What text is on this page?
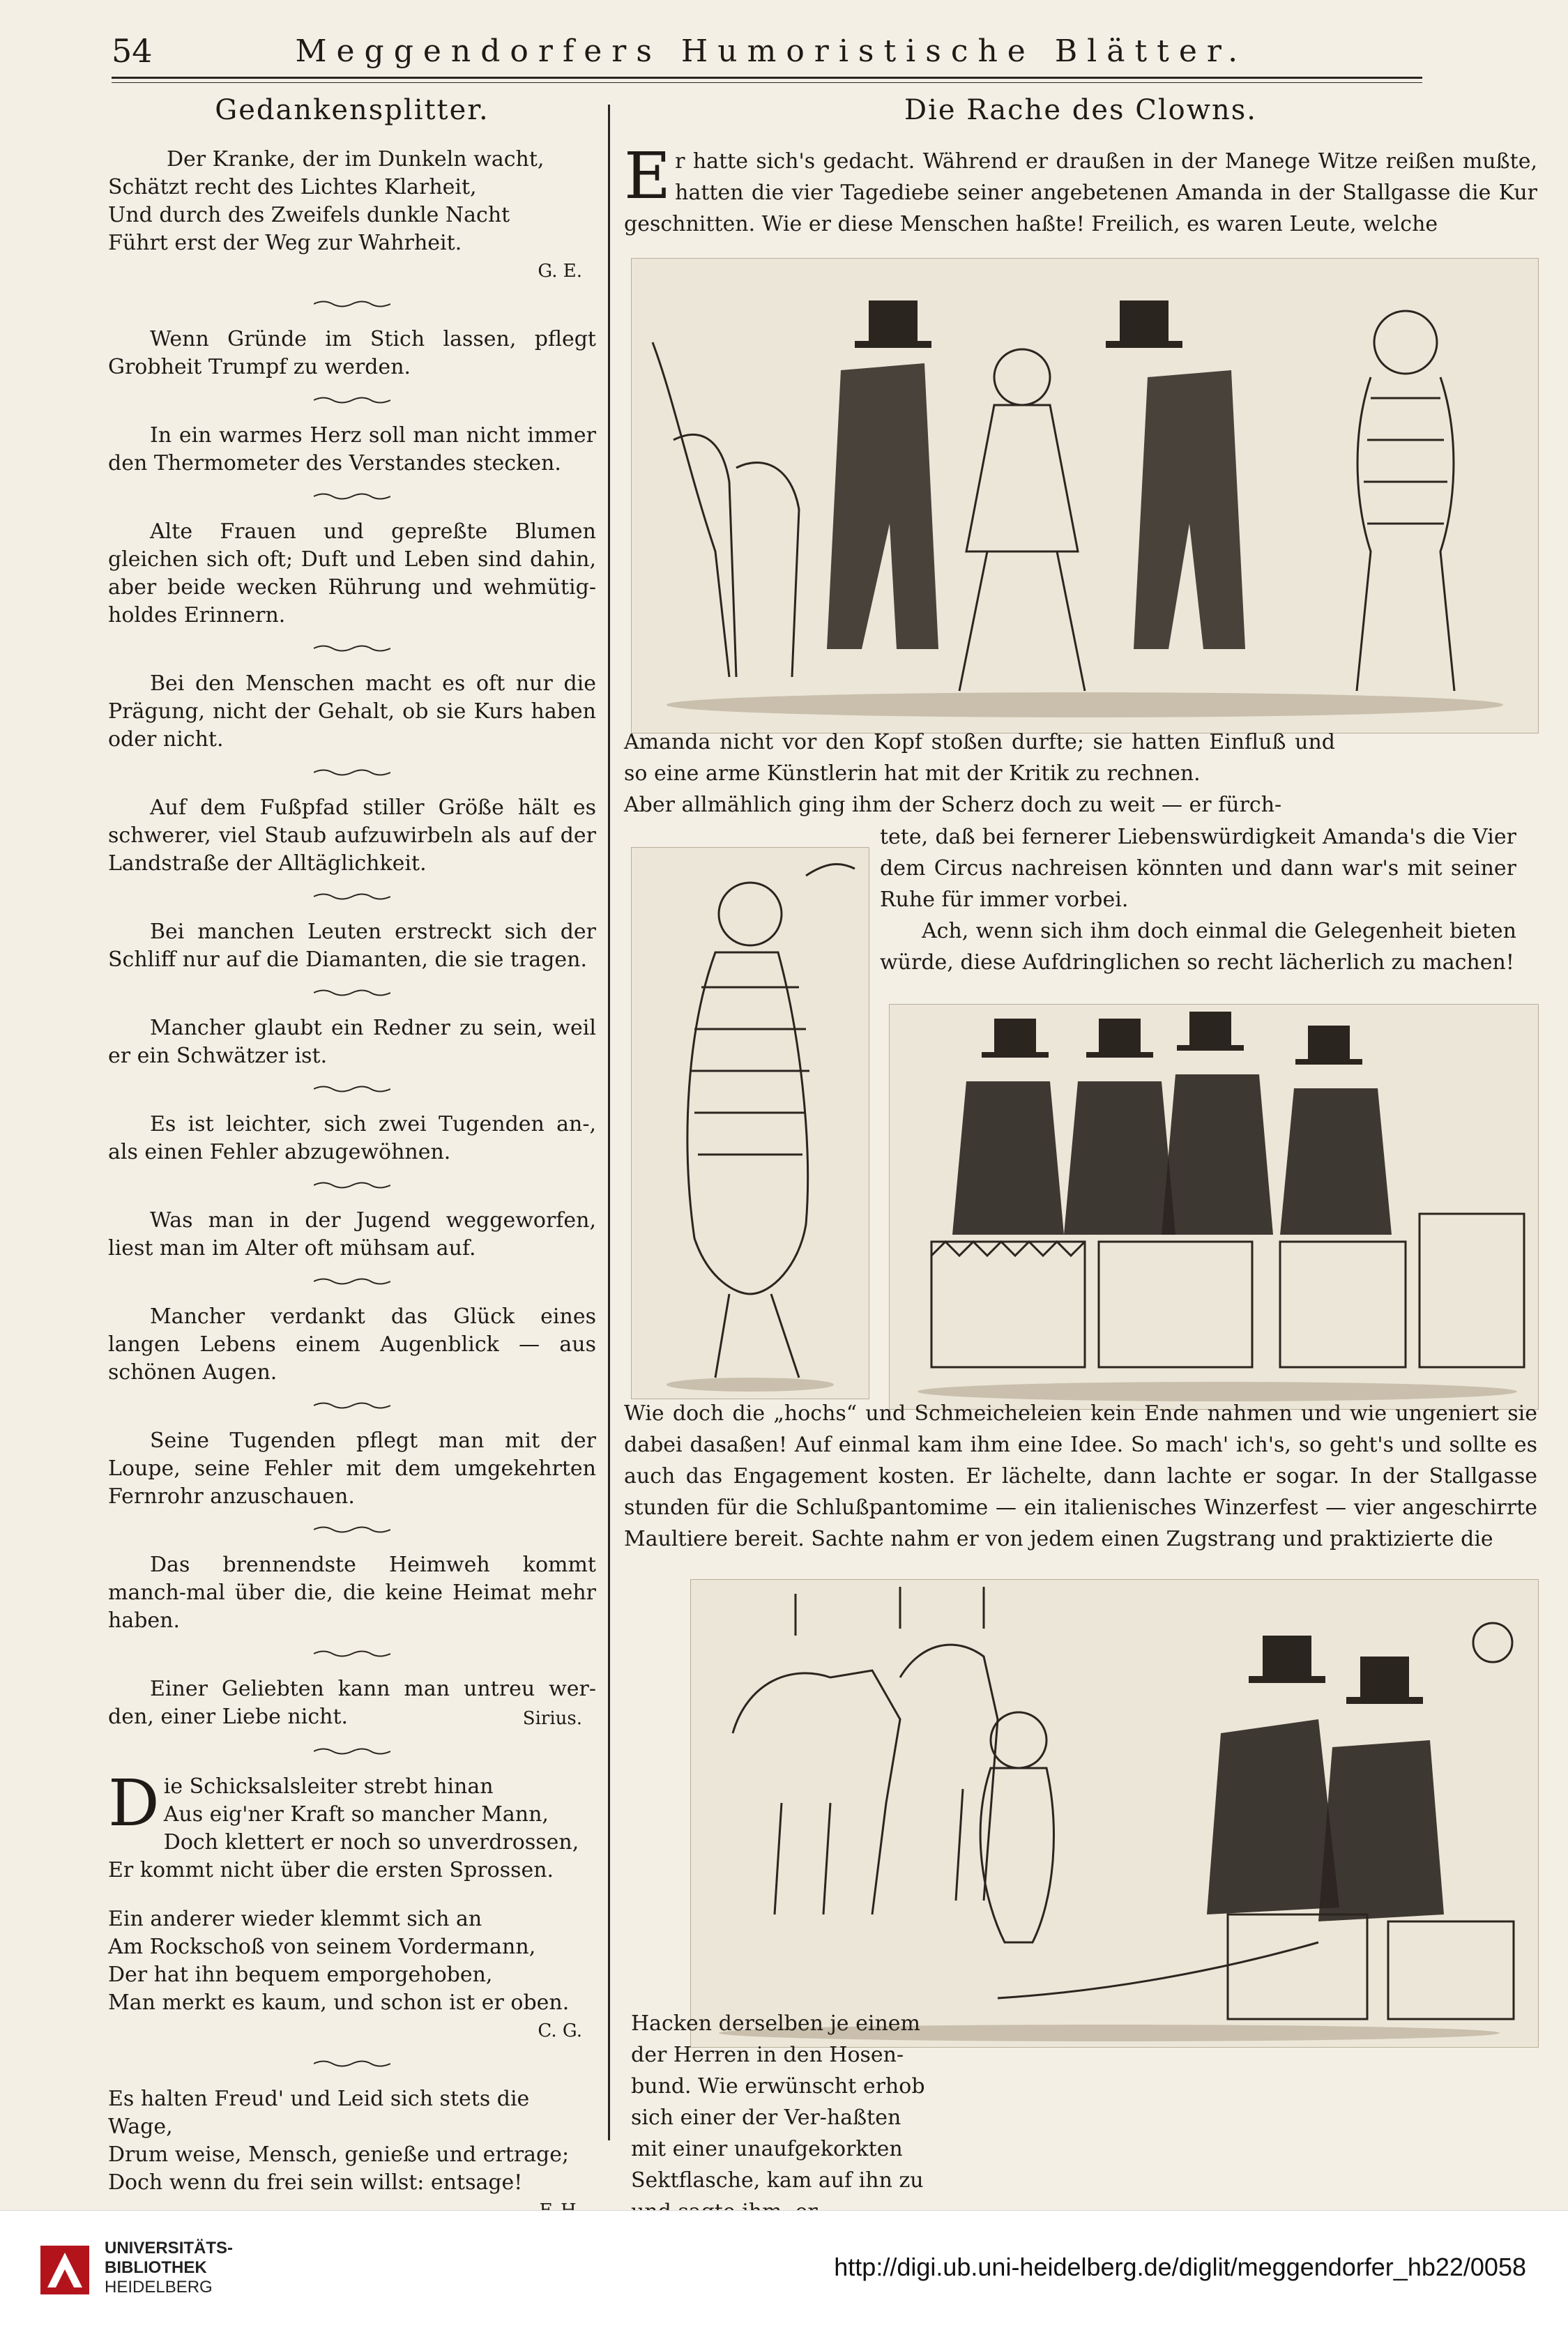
54	Meggendorfers Humoristische Blätter.
Gedankensplitter.

Der Kranke, der im Dunkeln wacht,

Schätzt recht des Lichtes Klarheit,

Und durch des Zweifels dunkle Nacht

Führt erst der Weg zur Wahrheit.

G. E.

Wenn Gründe im Stich lassen, pflegt Grobheit Trumpf zu werden.

In ein warmes Herz soll man nicht immer den Thermometer des Verstandes stecken.

Alte Frauen und gepreßte Blumen gleichen sich oft; Duft und Leben sind dahin, aber beide wecken Rührung und wehmütig-holdes Erinnern.

Bei den Menschen macht es oft nur die Prägung, nicht der Gehalt, ob sie Kurs haben oder nicht.

Auf dem Fußpfad stiller Größe hält es schwerer, viel Staub aufzuwirbeln als auf der Landstraße der Alltäglichkeit.

Bei manchen Leuten erstreckt sich der Schliff nur auf die Diamanten, die sie tragen.

Mancher glaubt ein Redner zu sein, weil er ein Schwätzer ist.

Es ist leichter, sich zwei Tugenden an-, als einen Fehler abzugewöhnen.

Was man in der Jugend weggeworfen, liest man im Alter oft mühsam auf.

Mancher verdankt das Glück eines langen Lebens einem Augenblick — aus schönen Augen.

Seine Tugenden pflegt man mit der Loupe, seine Fehler mit dem umgekehrten Fernrohr anzuschauen.

Das brennendste Heimweh kommt manch-mal über die, die keine Heimat mehr haben.

Einer Geliebten kann man untreu wer-den, einer Liebe nicht.	Sirius.
D ie Schicksalsleiter strebt hinan

Aus eig'ner Kraft so mancher Mann,

Doch klettert er noch so unverdrossen,

Er kommt nicht über die ersten Sprossen.

Ein anderer wieder klemmt sich an

Am Rockschoß von seinem Vordermann,

Der hat ihn bequem emporgehoben,

Man merkt es kaum, und schon ist er oben.

C. G.

Es halten Freud' und Leid sich stets die Wage,

Drum weise, Mensch, genieße und ertrage;

Doch wenn du frei sein willst: entsage!

Die Rache des Clowns.

Er hatte sich's gedacht. Während er draußen in der Manege Witze reißen mußte, hatten die vier Tagediebe seiner angebetenen Amanda in der Stallgasse die Kur geschnitten. Wie er diese Menschen haßte! Freilich, es waren Leute, welche

Amanda nicht vor den Kopf stoßen durfte; sie hatten Einfluß und so eine arme Künstlerin hat mit der Kritik zu rechnen.

Aber allmählich ging ihm der Scherz doch zu weit — er fürch-

tete, daß bei fernerer Liebenswürdigkeit Amanda's die Vier dem Circus nachreisen könnten und dann war's mit seiner Ruhe für immer vorbei.

Ach, wenn sich ihm doch einmal die Gelegenheit bieten würde, diese Aufdringlichen so recht lächerlich zu machen!

Wie doch die „hochs“ und Schmeicheleien kein Ende nahmen und wie ungeniert sie dabei dasaßen! Auf einmal kam ihm eine Idee. So mach' ich's, so geht's und sollte es auch das Engagement kosten. Er lächelte, dann lachte er sogar. In der Stallgasse stunden für die Schlußpantomime — ein italienisches Winzerfest — vier angeschirrte Maultiere bereit. Sachte nahm er von jedem einen Zugstrang und praktizierte die

Hacken derselben je einem der Herren in den Hosen-bund. Wie erwünscht erhob sich einer der Ver-haßten mit einer unaufgekorkten Sektflasche, kam auf ihn zu

UNIVERSITÄTS-
BIBLIOTHEK
HEIDELBERG
http://digi.ub.uni-heidelberg.de/diglit/meggendorfer_hb22/0058
